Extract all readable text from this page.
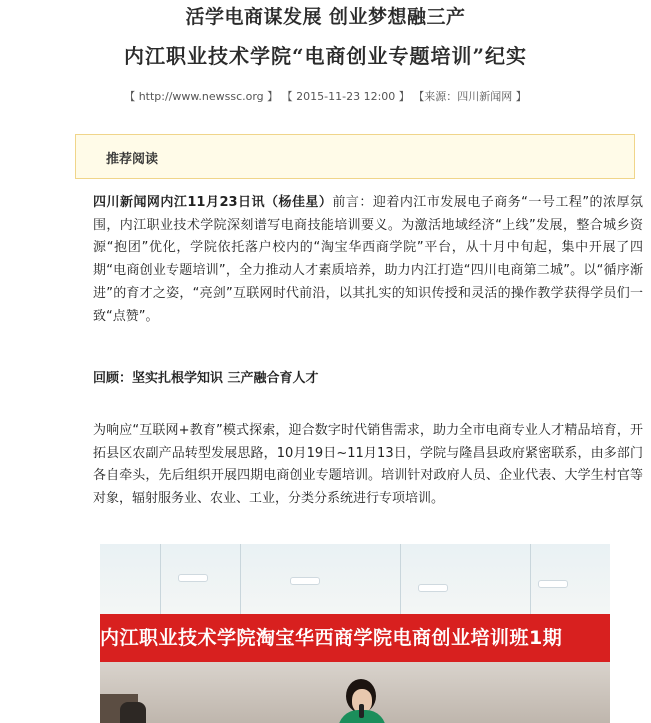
活学电商谋发展 创业梦想融三产
内江职业技术学院“电商创业专题培训”纪实
【 http://www.newssc.org 】 【 2015-11-23 12:00 】 【来源：四川新闻网 】
推荐阅读
四川新闻网内江11月23日讯（杨佳星）前言：迎着内江市发展电子商务“一号工程”的浓厚氛围，内江职业技术学院深刻谱写电商技能培训要义。为激活地域经济“上线”发展，整合城乡资源“抱团”优化，学院依托落户校内的“淘宝华西商学院”平台，从十月中旬起，集中开展了四期“电商创业专题培训”，全力推动人才素质培养，助力内江打造“四川电商第二城”。以“循序渐进”的育才之姿，“亮剑”互联网时代前沿，以其扎实的知识传授和灵活的操作教学获得学员们一致“点赞”。
回顾：坚实扎根学知识 三产融合育人才
为响应“互联网+教育”模式探索，迎合数字时代销售需求，助力全市电商专业人才精品培育，开拓县区农副产品转型发展思路，10月19日~11月13日，学院与隆昌县政府紧密联系，由多部门各自牵头，先后组织开展四期电商创业专题培训。培训针对政府人员、企业代表、大学生村官等对象，辐射服务业、农业、工业，分类分系统进行专项培训。
内江职业技术学院淘宝华西商学院电商创业培训班1期
